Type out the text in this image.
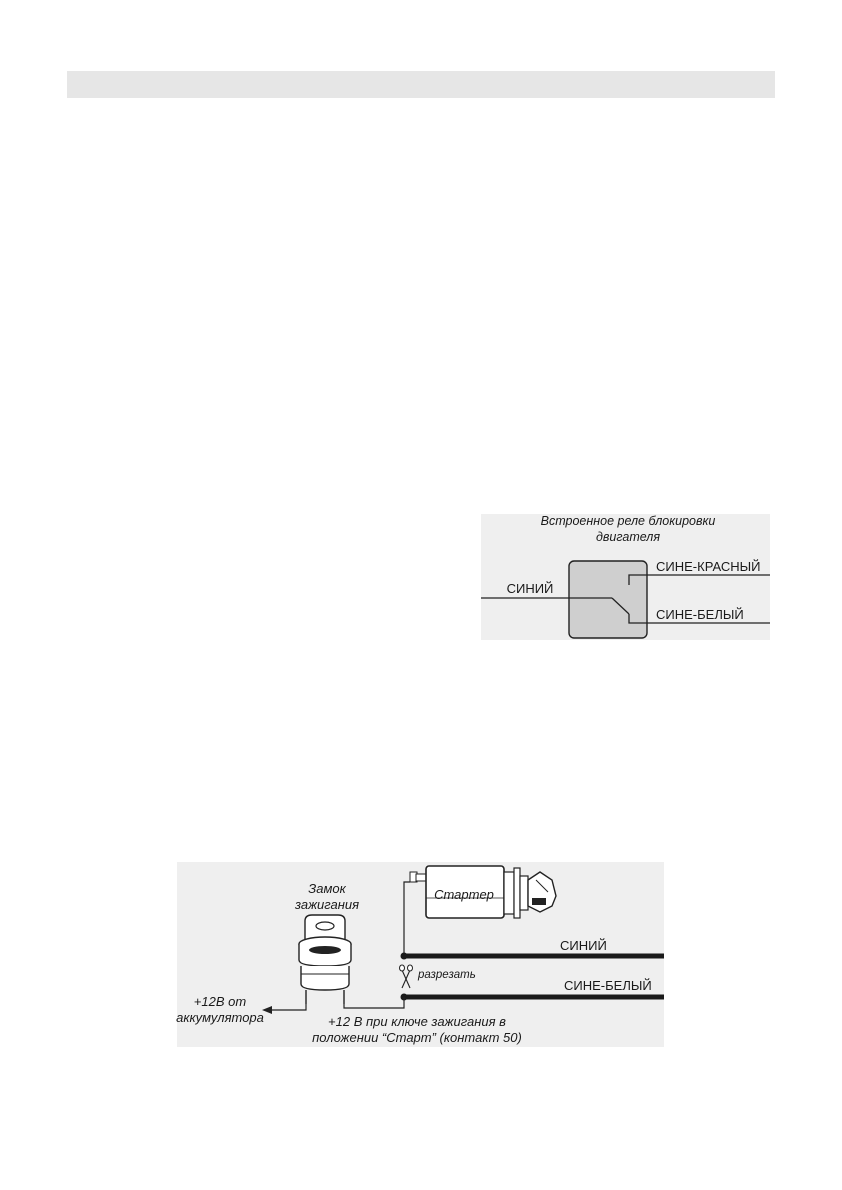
Встроенное реле блокировки
двигателя
СИНИЙ
СИНЕ-КРАСНЫЙ
СИНЕ-БЕЛЫЙ
Стартер
СИНИЙ
СИНЕ-БЕЛЫЙ
разрезать
Замок
зажигания
+12В от
аккумулятора	+12 В при ключе зажигания в
положении “Старт” (контакт 50)
